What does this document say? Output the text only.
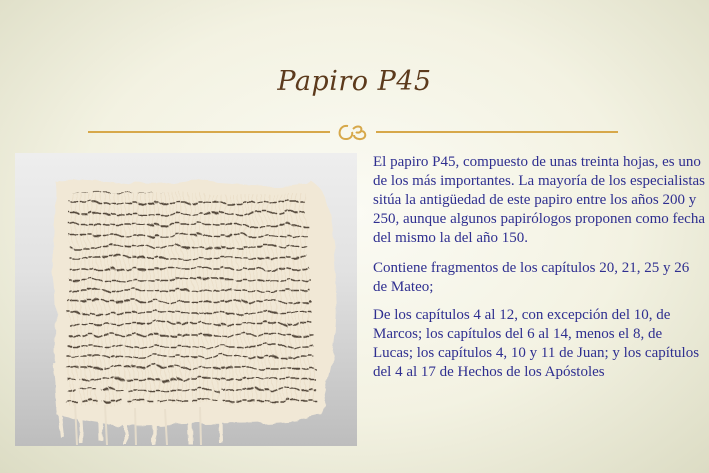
Papiro P45

El papiro P45, compuesto de unas treinta hojas, es uno de los más importantes. La mayoría de los especialistas sitúa la antigüedad de este papiro entre los años 200 y 250, aunque algunos papirólogos proponen como fecha del mismo la del año 150.

Contiene fragmentos de los capítulos 20, 21, 25 y 26 de Mateo;

De los capítulos 4 al 12, con excepción del 10, de Marcos; los capítulos del 6 al 14, menos el 8, de Lucas; los capítulos 4, 10 y 11 de Juan; y los capítulos del 4 al 17 de Hechos de los Apóstoles
